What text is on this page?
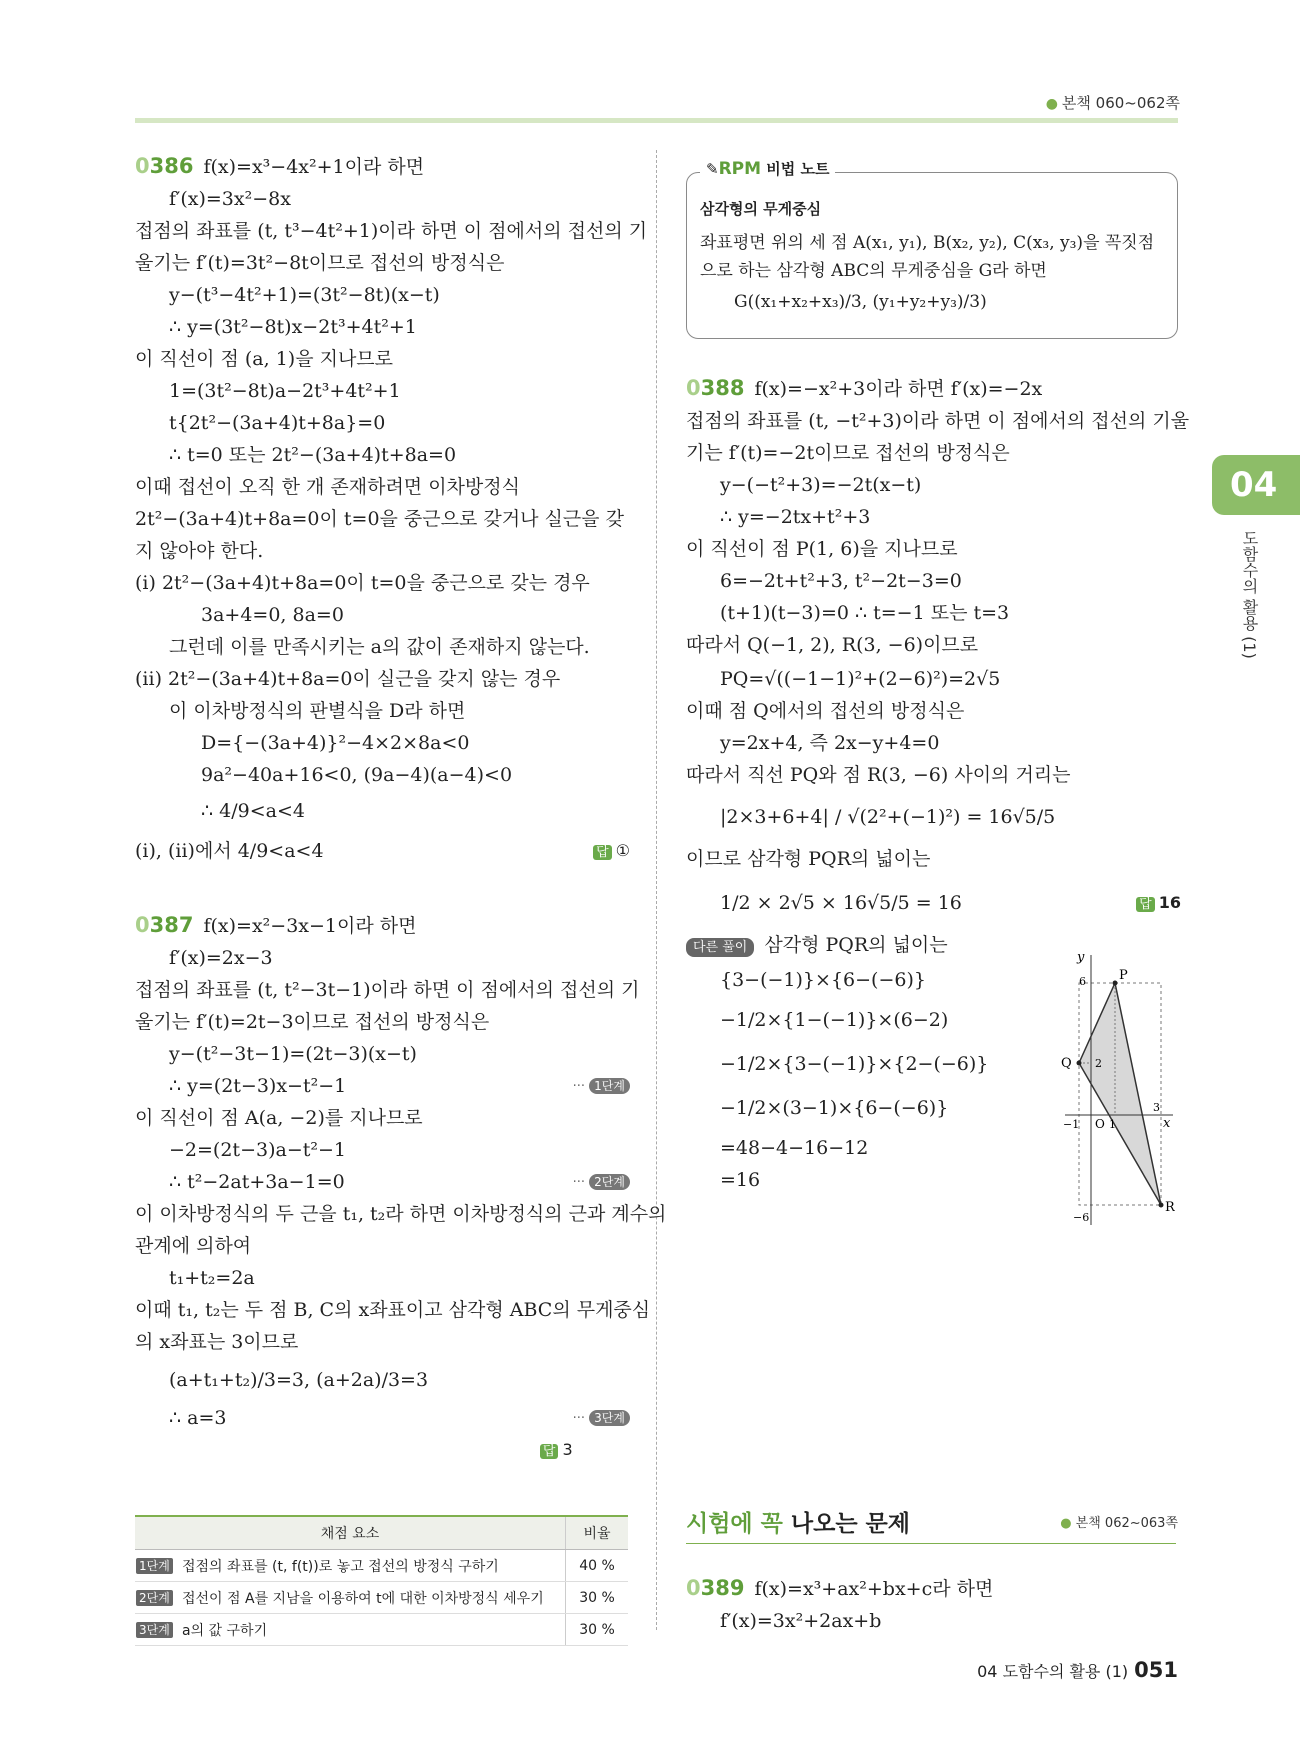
● 본책 060~062쪽
0386 f(x)=x³−4x²+1이라 하면
f′(x)=3x²−8x
접점의 좌표를 (t, t³−4t²+1)이라 하면 이 점에서의 접선의 기
울기는 f′(t)=3t²−8t이므로 접선의 방정식은
y−(t³−4t²+1)=(3t²−8t)(x−t)
∴ y=(3t²−8t)x−2t³+4t²+1
이 직선이 점 (a, 1)을 지나므로
1=(3t²−8t)a−2t³+4t²+1
t{2t²−(3a+4)t+8a}=0
∴ t=0 또는 2t²−(3a+4)t+8a=0
이때 접선이 오직 한 개 존재하려면 이차방정식
2t²−(3a+4)t+8a=0이 t=0을 중근으로 갖거나 실근을 갖
지 않아야 한다.
(i) 2t²−(3a+4)t+8a=0이 t=0을 중근으로 갖는 경우
3a+4=0, 8a=0
그런데 이를 만족시키는 a의 값이 존재하지 않는다.
(ii) 2t²−(3a+4)t+8a=0이 실근을 갖지 않는 경우
이 이차방정식의 판별식을 D라 하면
D={−(3a+4)}²−4×2×8a<0
9a²−40a+16<0, (9a−4)(a−4)<0
∴ 4/9<a<4
(i), (ii)에서 4/9<a<4	답 ①
0387 f(x)=x²−3x−1이라 하면
f′(x)=2x−3
접점의 좌표를 (t, t²−3t−1)이라 하면 이 점에서의 접선의 기
울기는 f′(t)=2t−3이므로 접선의 방정식은
y−(t²−3t−1)=(2t−3)(x−t)
∴ y=(2t−3)x−t²−1	··· 1단계
이 직선이 점 A(a, −2)를 지나므로
−2=(2t−3)a−t²−1
∴ t²−2at+3a−1=0	··· 2단계
이 이차방정식의 두 근을 t₁, t₂라 하면 이차방정식의 근과 계수의
관계에 의하여
t₁+t₂=2a
이때 t₁, t₂는 두 점 B, C의 x좌표이고 삼각형 ABC의 무게중심
의 x좌표는 3이므로
(a+t₁+t₂)/3=3, (a+2a)/3=3
∴ a=3	··· 3단계
답 3
채점 요소		비율
1단계	접점의 좌표를 (t, f(t))로 놓고 접선의 방정식 구하기	40 %
2단계	접선이 점 A를 지남을 이용하여 t에 대한 이차방정식 세우기	30 %
3단계	a의 값 구하기	30 %
✎RPM 비법 노트
삼각형의 무게중심
좌표평면 위의 세 점 A(x₁, y₁), B(x₂, y₂), C(x₃, y₃)을 꼭짓점
으로 하는 삼각형 ABC의 무게중심을 G라 하면
G((x₁+x₂+x₃)/3, (y₁+y₂+y₃)/3)
0388 f(x)=−x²+3이라 하면 f′(x)=−2x
접점의 좌표를 (t, −t²+3)이라 하면 이 점에서의 접선의 기울
기는 f′(t)=−2t이므로 접선의 방정식은
y−(−t²+3)=−2t(x−t)
∴ y=−2tx+t²+3
이 직선이 점 P(1, 6)을 지나므로
6=−2t+t²+3, t²−2t−3=0
(t+1)(t−3)=0 ∴ t=−1 또는 t=3
따라서 Q(−1, 2), R(3, −6)이므로
PQ=√((−1−1)²+(2−6)²)=2√5
이때 점 Q에서의 접선의 방정식은
y=2x+4, 즉 2x−y+4=0
따라서 직선 PQ와 점 R(3, −6) 사이의 거리는
|2×3+6+4| / √(2²+(−1)²) = 16√5/5
이므로 삼각형 PQR의 넓이는
1/2 × 2√5 × 16√5/5 = 16	답 16
다른 풀이 삼각형 PQR의 넓이는
{3−(−1)}×{6−(−6)}
−1/2×{1−(−1)}×(6−2)
−1/2×{3−(−1)}×{2−(−6)}
−1/2×(3−1)×{6−(−6)}
=48−4−16−12
=16
P
Q
R
x
y
O
−1	1
3
6
2
−6
시험에 꼭 나오는 문제	● 본책 062~063쪽
0389 f(x)=x³+ax²+bx+c라 하면
f′(x)=3x²+2ax+b
04
도함수의 활용 (1)
04 도함수의 활용 (1) 051
